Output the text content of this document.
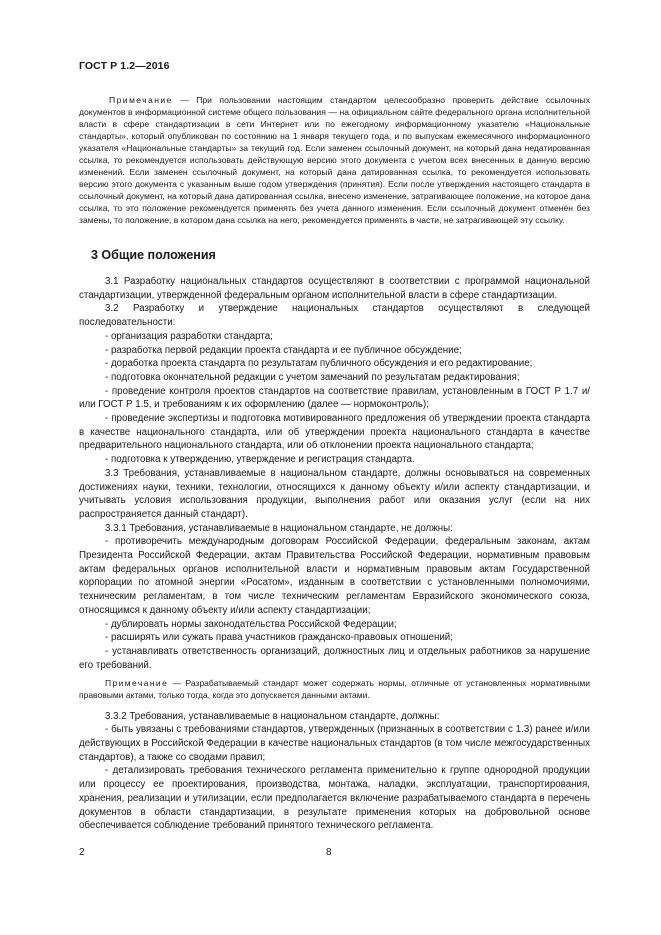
ГОСТ Р 1.2—2016

Примечание — При пользовании настоящим стандартом целесообразно проверить действие ссылочных документов в информационной системе общего пользования — на официальном сайте федерального органа исполнительной власти в сфере стандартизации в сети Интернет или по ежегодному информационному указателю «Национальные стандарты», который опубликован по состоянию на 1 января текущего года, и по выпускам ежемесячного информационного указателя «Национальные стандарты» за текущий год. Если заменен ссылочный документ, на который дана недатированная ссылка, то рекомендуется использовать действующую версию этого документа с учетом всех внесенных в данную версию изменений. Если заменен ссылочный документ, на который дана датированная ссылка, то рекомендуется использовать версию этого документа с указанным выше годом утверждения (принятия). Если после утверждения настоящего стандарта в ссылочный документ, на который дана датированная ссылка, внесено изменение, затрагивающее положение, на которое дана ссылка, то это положение рекомендуется применять без учета данного изменения. Если ссылочный документ отменен без замены, то положение, в котором дана ссылка на него, рекомендуется применять в части, не затрагивающей эту ссылку.

3 Общие положения

3.1 Разработку национальных стандартов осуществляют в соответствии с программой национальной стандартизации, утвержденной федеральным органом исполнительной власти в сфере стандартизации.

3.2 Разработку и утверждение национальных стандартов осуществляют в следующей последовательности:

- организация разработки стандарта;

- разработка первой редакции проекта стандарта и ее публичное обсуждение;

- доработка проекта стандарта по результатам публичного обсуждения и его редактирование;

- подготовка окончательной редакции с учетом замечаний по результатам редактирования;

- проведение контроля проектов стандартов на соответствие правилам, установленным в ГОСТ Р 1.7 и/или ГОСТ Р 1.5, и требованиям к их оформлению (далее — нормоконтроль);

- проведение экспертизы и подготовка мотивированного предложения об утверждении проекта стандарта в качестве национального стандарта, или об утверждении проекта национального стандарта в качестве предварительного национального стандарта, или об отклонении проекта национального стандарта;

- подготовка к утверждению, утверждение и регистрация стандарта.

3.3 Требования, устанавливаемые в национальном стандарте, должны основываться на современных достижениях науки, техники, технологии, относящихся к данному объекту и/или аспекту стандартизации, и учитывать условия использования продукции, выполнения работ или оказания услуг (если на них распространяется данный стандарт).

3.3.1 Требования, устанавливаемые в национальном стандарте, не должны:

- противоречить международным договорам Российской Федерации, федеральным законам, актам Президента Российской Федерации, актам Правительства Российской Федерации, нормативным правовым актам федеральных органов исполнительной власти и нормативным правовым актам Государственной корпорации по атомной энергии «Росатом», изданным в соответствии с установленными полномочиями, техническим регламентам, в том числе техническим регламентам Евразийского экономического союза, относящимся к данному объекту и/или аспекту стандартизации;

- дублировать нормы законодательства Российской Федерации;

- расширять или сужать права участников гражданско-правовых отношений;

- устанавливать ответственность организаций, должностных лиц и отдельных работников за нарушение его требований.

Примечание — Разрабатываемый стандарт может содержать нормы, отличные от установленных нормативными правовыми актами, только тогда, когда это допускается данными актами.

3.3.2 Требования, устанавливаемые в национальном стандарте, должны:

- быть увязаны с требованиями стандартов, утвержденных (признанных в соответствии с 1.3) ранее и/или действующих в Российской Федерации в качестве национальных стандартов (в том числе межгосударственных стандартов), а также со сводами правил;

- детализировать требования технического регламента применительно к группе однородной продукции или процессу ее проектирования, производства, монтажа, наладки, эксплуатации, транспортирования, хранения, реализации и утилизации, если предполагается включение разрабатываемого стандарта в перечень документов в области стандартизации, в результате применения которых на добровольной основе обеспечивается соблюдение требований принятого технического регламента.

2	8
